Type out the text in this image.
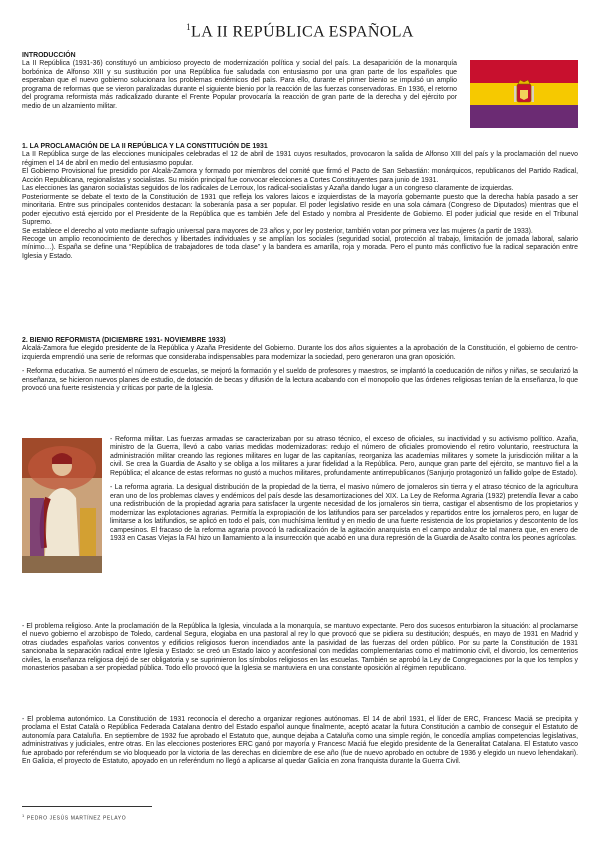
$^1$LA II REPÚBLICA ESPAÑOLA

INTRODUCCIÓN

La II República (1931-36) constituyó un ambicioso proyecto de modernización política y social del país. La desaparición de la monarquía borbónica de Alfonso XIII y su sustitución por una República fue saludada con entusiasmo por una gran parte de los españoles que esperaban que el nuevo gobierno solucionara los problemas endémicos del país. Para ello, durante el primer bienio se impulsó un amplio programa de reformas que se vieron paralizadas durante el siguiente bienio por la reacción de las fuerzas conservadoras. En 1936, el retorno del programa reformista más radicalizado durante el Frente Popular provocaría la reacción de gran parte de la derecha y del ejército por medio de un alzamiento militar.

1. LA PROCLAMACIÓN DE LA II REPÚBLICA Y LA CONSTITUCIÓN DE 1931

La II República surge de las elecciones municipales celebradas el 12 de abril de 1931 cuyos resultados, provocaron la salida de Alfonso XIII del país y la proclamación del nuevo régimen el 14 de abril en medio del entusiasmo popular.

El Gobierno Provisional fue presidido por Alcalá-Zamora y formado por miembros del comité que firmó el Pacto de San Sebastián: monárquicos, republicanos del Partido Radical, Acción Republicana, regionalistas y socialistas. Su misión principal fue convocar elecciones a Cortes Constituyentes para junio de 1931.

Las elecciones las ganaron socialistas seguidos de los radicales de Lerroux, los radical-socialistas y Azaña dando lugar a un congreso claramente de izquierdas.

Posteriormente se debate el texto de la Constitución de 1931 que refleja los valores laicos e izquierdistas de la mayoría gobernante puesto que la derecha había pasado a ser minoritaria. Entre sus principales contenidos destacan: la soberanía pasa a ser popular. El poder legislativo reside en una sola cámara (Congreso de Diputados) mientras que el poder ejecutivo está ejercido por el Presidente de la República que es también Jefe del Estado y nombra al Presidente de Gobierno. El poder judicial que reside en el Tribunal Supremo.

Se establece el derecho al voto mediante sufragio universal para mayores de 23 años y, por ley posterior, también votan por primera vez las mujeres (a partir de 1933).

Recoge un amplio reconocimiento de derechos y libertades individuales y se amplían los sociales (seguridad social, protección al trabajo, limitación de jornada laboral, salario mínimo…). España se define una “República de trabajadores de toda clase” y la bandera es amarilla, roja y morada. Pero el punto más conflictivo fue la radical separación entre Iglesia y Estado.

2. BIENIO REFORMISTA (DICIEMBRE 1931- NOVIEMBRE 1933)

Alcalá-Zamora fue elegido presidente de la República y Azaña Presidente del Gobierno. Durante los dos años siguientes a la aprobación de la Constitución, el gobierno de centro-izquierda emprendió una serie de reformas que consideraba indispensables para modernizar la sociedad, pero generaron una gran oposición.

- Reforma educativa. Se aumentó el número de escuelas, se mejoró la formación y el sueldo de profesores y maestros, se implantó la coeducación de niños y niñas, se secularizó la enseñanza, se hicieron nuevos planes de estudio, de dotación de becas y difusión de la lectura acabando con el monopolio que las órdenes religiosas tenían de la enseñanza, lo que provocó una fuerte resistencia y críticas por parte de la Iglesia.

- Reforma militar. Las fuerzas armadas se caracterizaban por su atraso técnico, el exceso de oficiales, su inactividad y su activismo político. Azaña, ministro de la Guerra, llevó a cabo varias medidas modernizadoras: redujo el número de oficiales promoviendo el retiro voluntario, reestructura la administración militar creando las regiones militares en lugar de las capitanías, reorganiza las academias militares y somete la jurisdicción militar a la civil. Se crea la Guardia de Asalto y se obliga a los militares a jurar fidelidad a la República. Pero, aunque gran parte del ejército, se mantuvo fiel a la República; el alcance de estas reformas no gustó a muchos militares, profundamente antirrepublicanos (Sanjurjo protagonizó un fallido golpe de Estado).

- La reforma agraria. La desigual distribución de la propiedad de la tierra, el masivo número de jornaleros sin tierra y el atraso técnico de la agricultura eran uno de los problemas claves y endémicos del país desde las desamortizaciones del XIX. La Ley de Reforma Agraria (1932) pretendía llevar a cabo una redistribución de la propiedad agraria para satisfacer la urgente necesidad de los jornaleros sin tierra, castigar el absentismo de los propietarios y modernizar las explotaciones agrarias. Permitía la expropiación de los latifundios para ser parcelados y repartidos entre los jornaleros pero, en lugar de limitarse a los latifundios, se aplicó en todo el país, con muchísima lentitud y en medio de una fuerte resistencia de los propietarios y descontento de los campesinos. El fracaso de la reforma agraria provocó la radicalización de la agitación anarquista en el campo andaluz de tal manera que, en enero de 1933 en Casas Viejas la FAI hizo un llamamiento a la insurrección que acabó en una dura represión de la Guardia de Asalto contra los peones agrícolas.

- El problema religioso. Ante la proclamación de la República la Iglesia, vinculada a la monarquía, se mantuvo expectante. Pero dos sucesos enturbiaron la situación: al proclamarse el nuevo gobierno el arzobispo de Toledo, cardenal Segura, elogiaba en una pastoral al rey lo que provocó que se pidiera su destitución; después, en mayo de 1931 en Madrid y otras ciudades españolas varios conventos y edificios religiosos fueron incendiados ante la pasividad de las fuerzas del orden público. Por su parte la Constitución de 1931 sancionaba la separación radical entre Iglesia y Estado: se creó un Estado laico y aconfesional con medidas complementarias como el matrimonio civil, el divorcio, los cementerios civiles, la enseñanza religiosa dejó de ser obligatoria y se suprimieron los símbolos religiosos en las escuelas. También se aprobó la Ley de Congregaciones por la que los templos y monasterios pasaban a ser propiedad pública. Todo ello provocó que la Iglesia se mantuviera en una constante oposición al régimen republicano.

- El problema autonómico. La Constitución de 1931 reconocía el derecho a organizar regiones autónomas. El 14 de abril 1931, el líder de ERC, Francesc Maciá se precipita y proclama el Estat Català o República Federada Catalana dentro del Estado español aunque finalmente, aceptó acatar la futura Constitución a cambio de conseguir el Estatuto de autonomía para Cataluña. En septiembre de 1932 fue aprobado el Estatuto que, aunque dejaba a Cataluña como una simple región, le concedía amplias competencias legislativas, administrativas y judiciales, entre otras. En las elecciones posteriores ERC ganó por mayoría y Francesc Maciá fue elegido presidente de la Generalitat Catalana. El Estatuto vasco fue aprobado por referéndum se vio bloqueado por la victoria de las derechas en diciembre de ese año (fue de nuevo aprobado en octubre de 1936 y elegido un nuevo lehendakari). En Galicia, el proyecto de Estatuto, apoyado en un referéndum no llegó a aplicarse al quedar Galicia en zona franquista durante la Guerra Civil.

$^1$ PEDRO JESÚS MARTÍNEZ PELAYO
